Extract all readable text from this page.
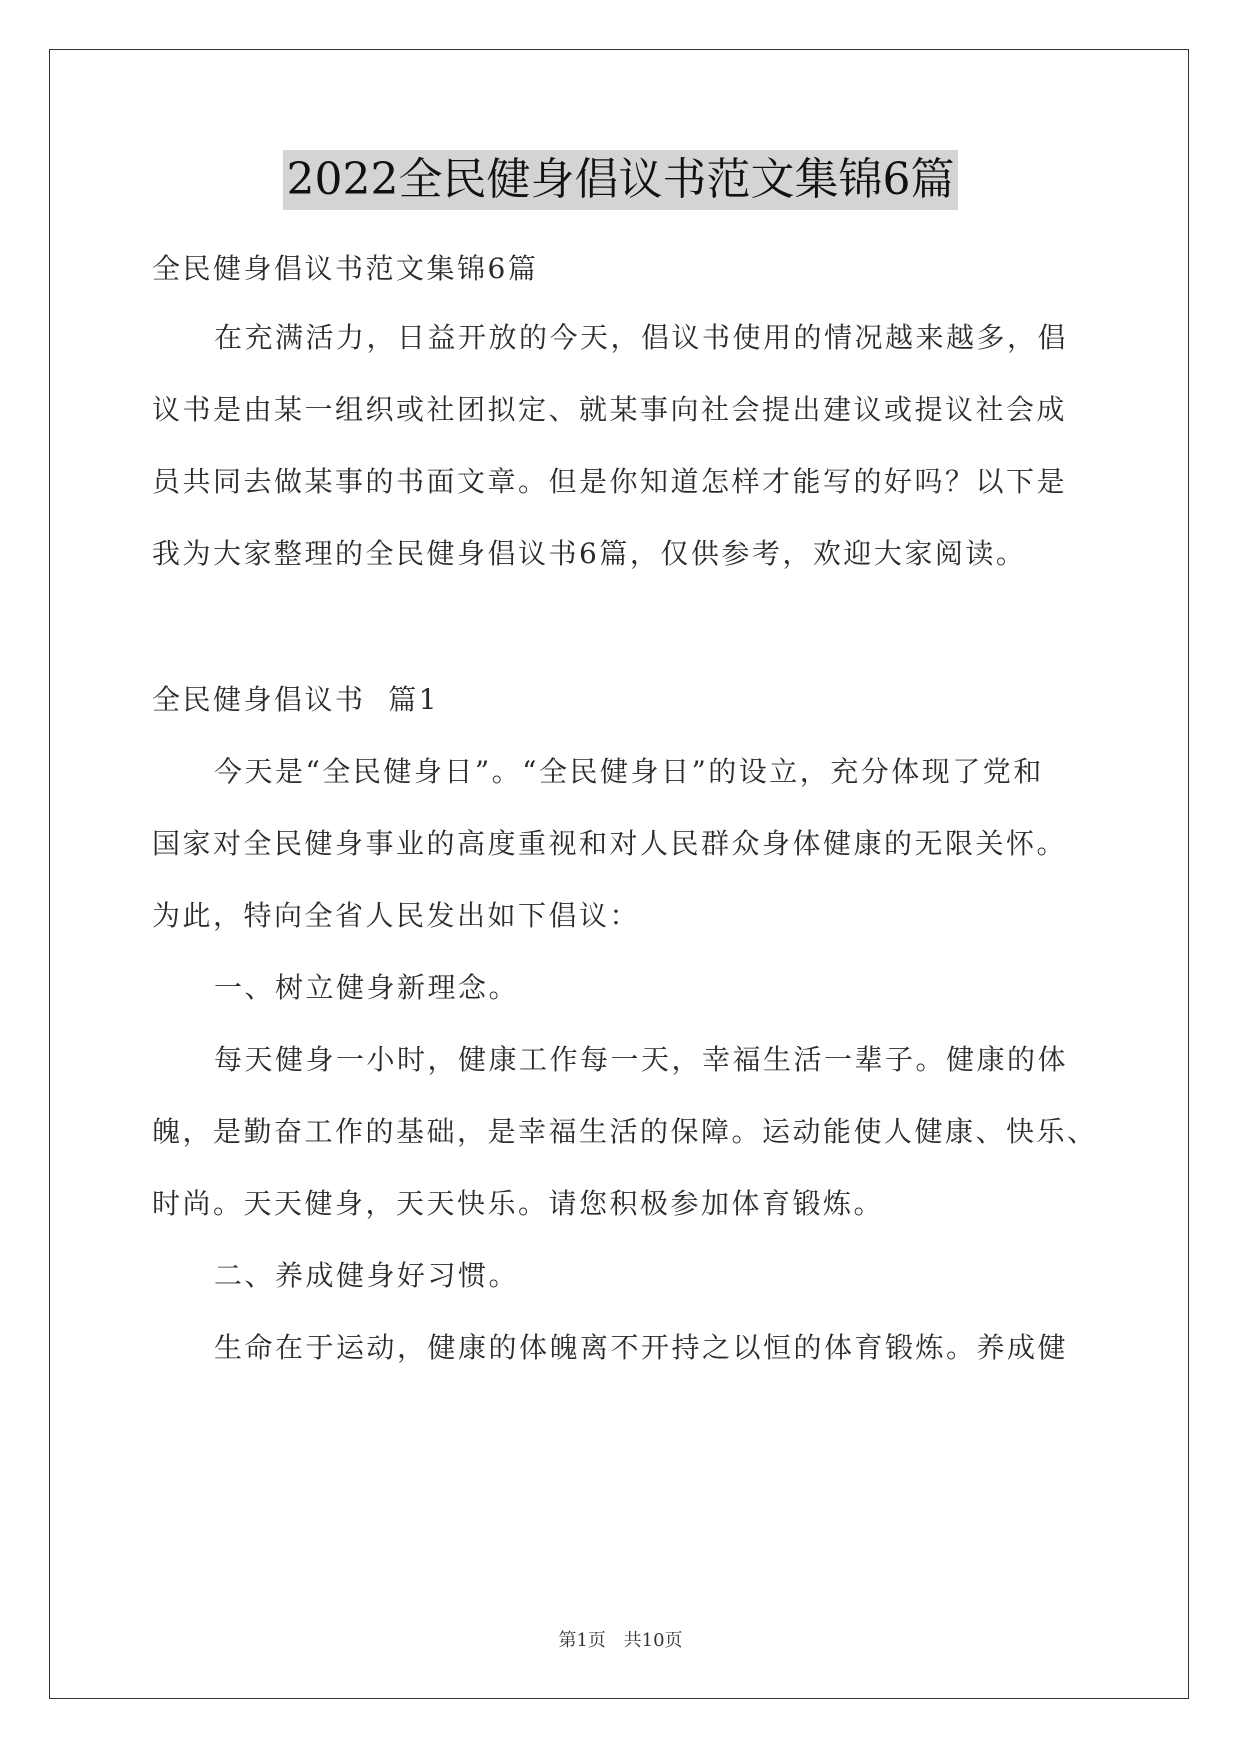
2022全民健身倡议书范文集锦6篇

全民健身倡议书范文集锦6篇

在充满活力，日益开放的今天，倡议书使用的情况越来越多，倡

议书是由某一组织或社团拟定、就某事向社会提出建议或提议社会成

员共同去做某事的书面文章。但是你知道怎样才能写的好吗？以下是

我为大家整理的全民健身倡议书6篇，仅供参考，欢迎大家阅读。

全民健身倡议书  篇1

今天是“全民健身日”。“全民健身日”的设立，充分体现了党和

国家对全民健身事业的高度重视和对人民群众身体健康的无限关怀。

为此，特向全省人民发出如下倡议：

一、树立健身新理念。

每天健身一小时，健康工作每一天，幸福生活一辈子。健康的体

魄，是勤奋工作的基础，是幸福生活的保障。运动能使人健康、快乐、

时尚。天天健身，天天快乐。请您积极参加体育锻炼。

二、养成健身好习惯。

生命在于运动，健康的体魄离不开持之以恒的体育锻炼。养成健

第1页 共10页
